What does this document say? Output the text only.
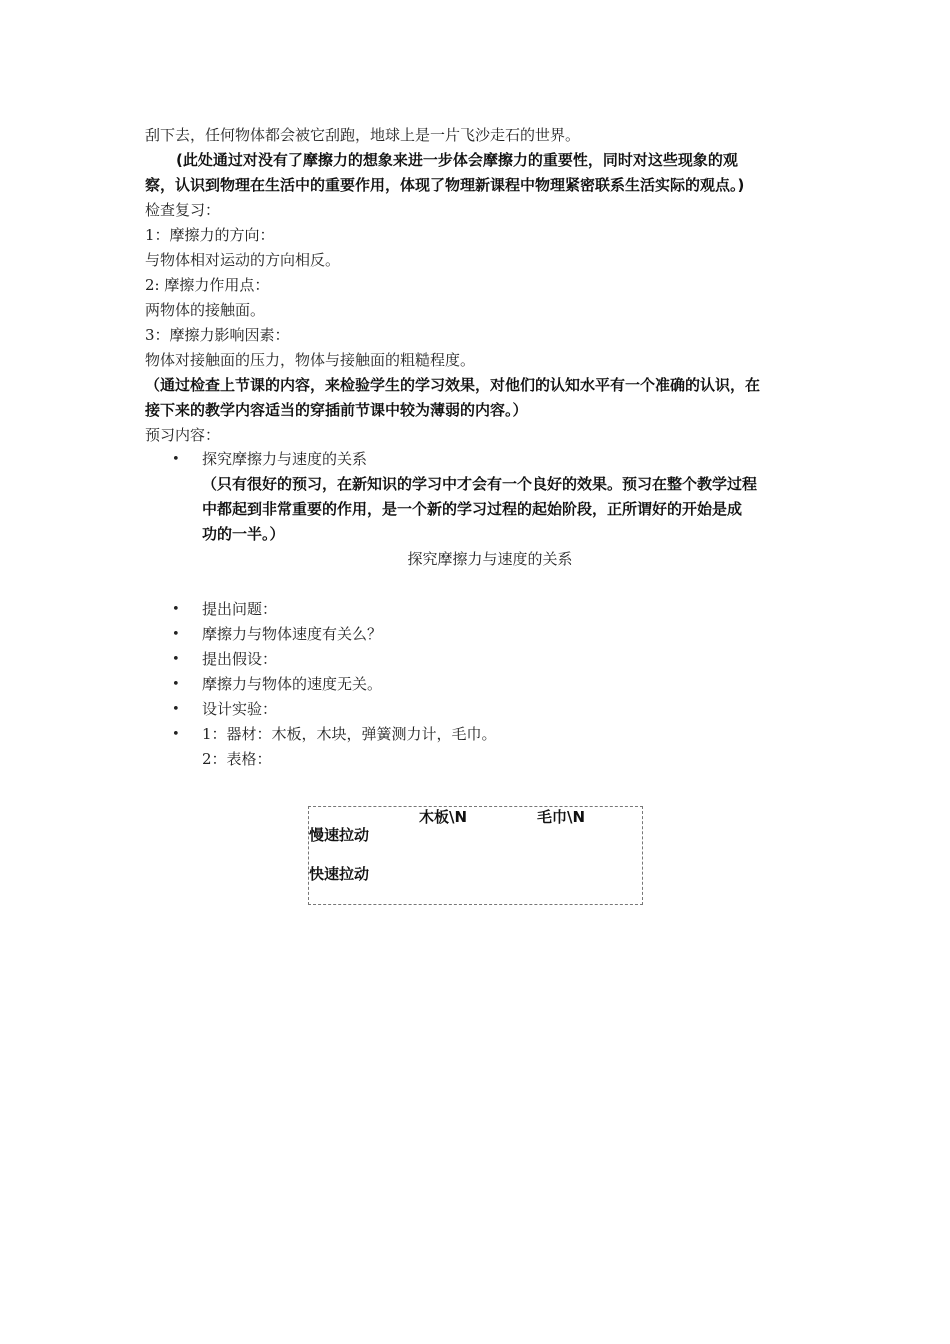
刮下去，任何物体都会被它刮跑，地球上是一片飞沙走石的世界。
(此处通过对没有了摩擦力的想象来进一步体会摩擦力的重要性，同时对这些现象的观
察，认识到物理在生活中的重要作用，体现了物理新课程中物理紧密联系生活实际的观点。)
检查复习：
1：摩擦力的方向：
与物体相对运动的方向相反。
2: 摩擦力作用点：
两物体的接触面。
3：摩擦力影响因素：
物体对接触面的压力，物体与接触面的粗糙程度。
（通过检查上节课的内容，来检验学生的学习效果，对他们的认知水平有一个准确的认识，在
接下来的教学内容适当的穿插前节课中较为薄弱的内容。）
预习内容：
• 探究摩擦力与速度的关系
（只有很好的预习，在新知识的学习中才会有一个良好的效果。预习在整个教学过程
中都起到非常重要的作用，是一个新的学习过程的起始阶段，正所谓好的开始是成
功的一半。）
探究摩擦力与速度的关系
• 提出问题：
• 摩擦力与物体速度有关么？
• 提出假设：
• 摩擦力与物体的速度无关。
• 设计实验：
• 1：器材：木板，木块，弹簧测力计，毛巾。
2：表格：
木板\N	毛巾\N
慢速拉动
快速拉动
